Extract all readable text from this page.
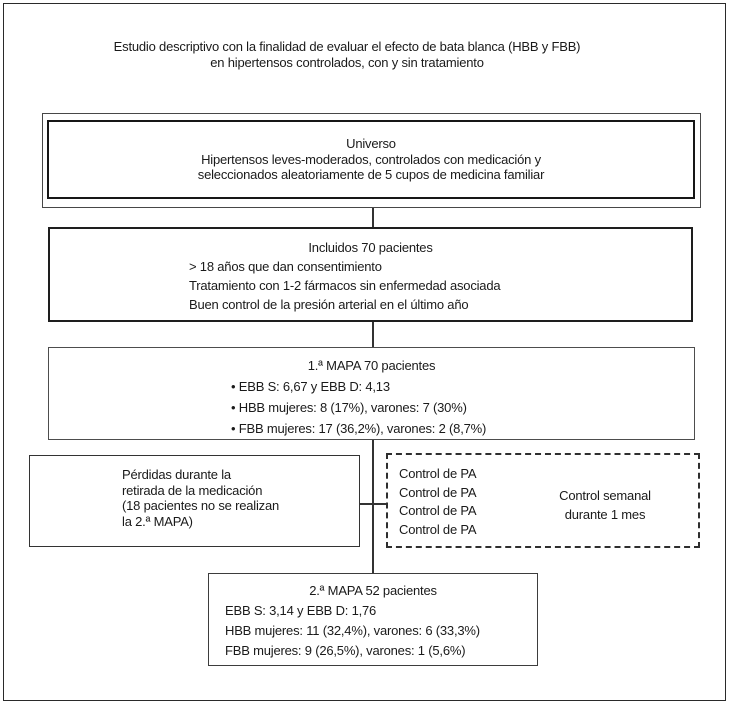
Estudio descriptivo con la finalidad de evaluar el efecto de bata blanca (HBB y FBB)
en hipertensos controlados, con y sin tratamiento
Universo
Hipertensos leves-moderados, controlados con medicación y
seleccionados aleatoriamente de 5 cupos de medicina familiar
Incluidos 70 pacientes
> 18 años que dan consentimiento
Tratamiento con 1-2 fármacos sin enfermedad asociada
Buen control de la presión arterial en el último año
1.ª MAPA 70 pacientes
• EBB S: 6,67 y EBB D: 4,13
• HBB mujeres: 8 (17%), varones: 7 (30%)
• FBB mujeres: 17 (36,2%), varones: 2 (8,7%)
Pérdidas durante la
retirada de la medicación
(18 pacientes no se realizan
la 2.ª MAPA)
Control de PA
Control de PA
Control de PA
Control de PA
Control semanal
durante 1 mes
2.ª MAPA 52 pacientes
EBB S: 3,14 y EBB D: 1,76
HBB mujeres: 11 (32,4%), varones: 6 (33,3%)
FBB mujeres: 9 (26,5%), varones: 1 (5,6%)
